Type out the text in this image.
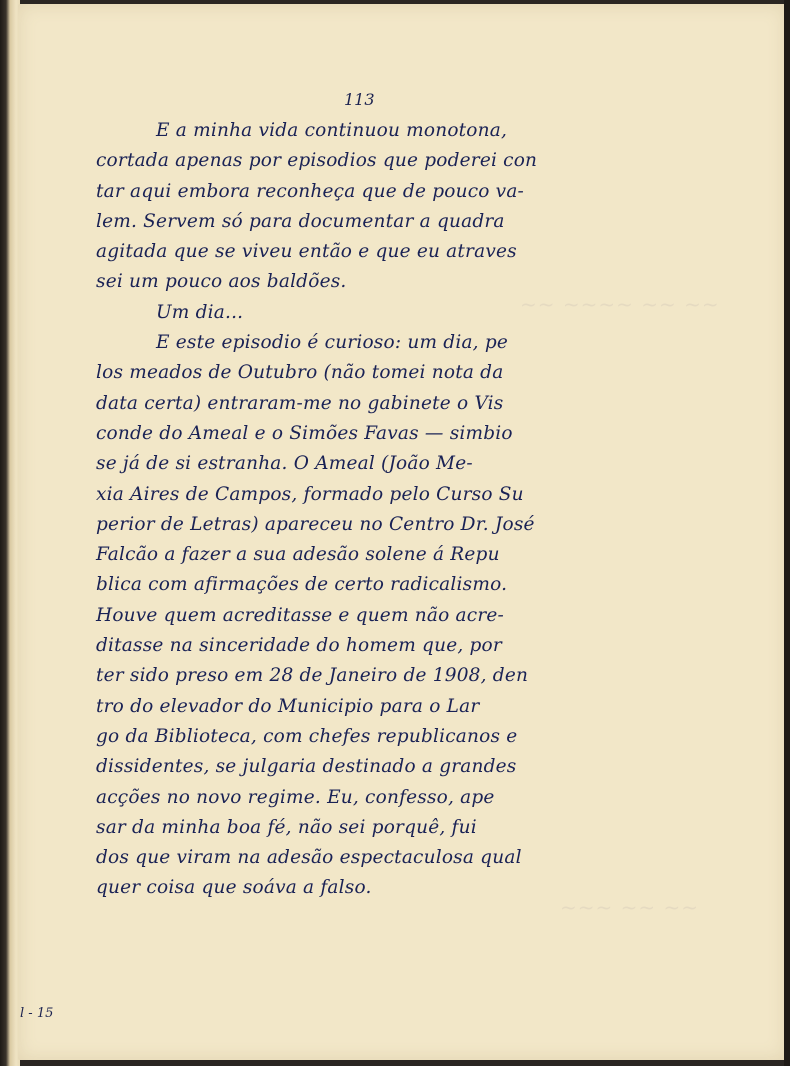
~~ ~~~~ ~~ ~~
~~~ ~~ ~~
113
E a minha vida continuou monotona,
cortada apenas por episodios que poderei con
tar aqui embora reconheça que de pouco va-
lem. Servem só para documentar a quadra
agitada que se viveu então e que eu atraves
sei um pouco aos baldões.
Um dia...
E este episodio é curioso: um dia, pe
los meados de Outubro (não tomei nota da
data certa) entraram-me no gabinete o Vis
conde do Ameal e o Simões Favas — simbio
se já de si estranha. O Ameal (João Me-
xia Aires de Campos, formado pelo Curso Su
perior de Letras) apareceu no Centro Dr. José
Falcão a fazer a sua adesão solene á Repu
blica com afirmações de certo radicalismo.
Houve quem acreditasse e quem não acre-
ditasse na sinceridade do homem que, por
ter sido preso em 28 de Janeiro de 1908, den
tro do elevador do Municipio para o Lar
go da Biblioteca, com chefes republicanos e
dissidentes, se julgaria destinado a grandes
acções no novo regime. Eu, confesso, ape
sar da minha boa fé, não sei porquê, fui
dos que viram na adesão espectaculosa qual
quer coisa que soáva a falso.
l - 15
